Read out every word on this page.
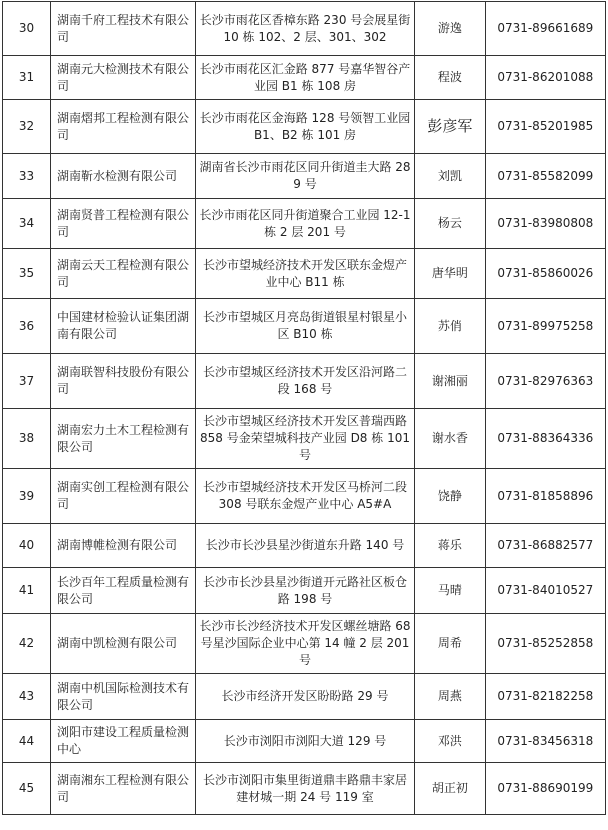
30	湖南千府工程技术有限公司	长沙市雨花区香樟东路 230 号会展星街 10 栋 102、2 层、301、302	游逸	0731-89661689
31	湖南元大检测技术有限公司	长沙市雨花区汇金路 877 号嘉华智谷产业园 B1 栋 108 房	程波	0731-86201088
32	湖南熠邦工程检测有限公司	长沙市雨花区金海路 128 号领智工业园 B1、B2 栋 101 房	彭彦军	0731-85201985
33	湖南靳水检测有限公司	湖南省长沙市雨花区同升街道圭大路 289 号	刘凯	0731-85582099
34	湖南贤普工程检测有限公司	长沙市雨花区同升街道聚合工业园 12-1 栋 2 层 201 号	杨云	0731-83980808
35	湖南云天工程检测有限公司	长沙市望城经济技术开发区联东金煜产业中心 B11 栋	唐华明	0731-85860026
36	中国建材检验认证集团湖南有限公司	长沙市望城区月亮岛街道银星村银星小区 B10 栋	苏俏	0731-89975258
37	湖南联智科技股份有限公司	长沙市望城区经济技术开发区沿河路二段 168 号	谢湘丽	0731-82976363
38	湖南宏力土木工程检测有限公司	长沙市望城区经济技术开发区普瑞西路 858 号金荣望城科技产业园 D8 栋 101 号	谢水香	0731-88364336
39	湖南实创工程检测有限公司	长沙市望城经济技术开发区马桥河二段 308 号联东金煜产业中心 A5#A	饶静	0731-81858896
40	湖南博帷检测有限公司	长沙市长沙县星沙街道东升路 140 号	蒋乐	0731-86882577
41	长沙百年工程质量检测有限公司	长沙市长沙县星沙街道开元路社区板仓路 198 号	马晴	0731-84010527
42	湖南中凯检测有限公司	长沙市长沙经济技术开发区螺丝塘路 68 号星沙国际企业中心第 14 幢 2 层 201 号	周希	0731-85252858
43	湖南中机国际检测技术有限公司	长沙市经济开发区盼盼路 29 号	周燕	0731-82182258
44	浏阳市建设工程质量检测中心	长沙市浏阳市浏阳大道 129 号	邓洪	0731-83456318
45	湖南湘东工程检测有限公司	长沙市浏阳市集里街道鼎丰路鼎丰家居建材城一期 24 号 119 室	胡正初	0731-88690199
